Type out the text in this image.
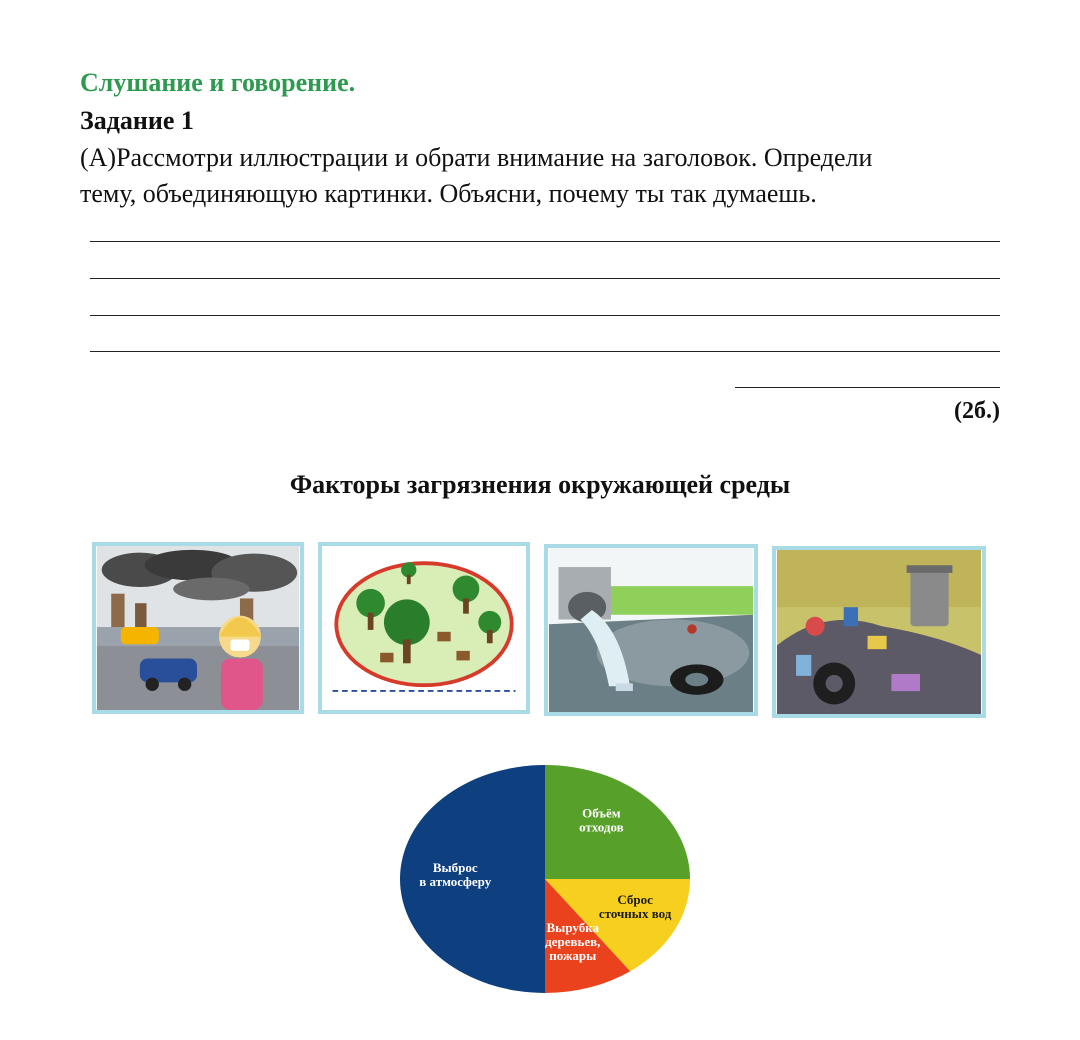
Слушание и говорение.
Задание 1
(А)Рассмотри иллюстрации и обрати внимание на заголовок. Определи
тему, объединяющую картинки. Объясни, почему ты так думаешь.
(2б.)
Факторы загрязнения окружающей среды
Объём отходов
Сброс сточных вод
Вырубка деревьев, пожары
Выброс в атмосферу
